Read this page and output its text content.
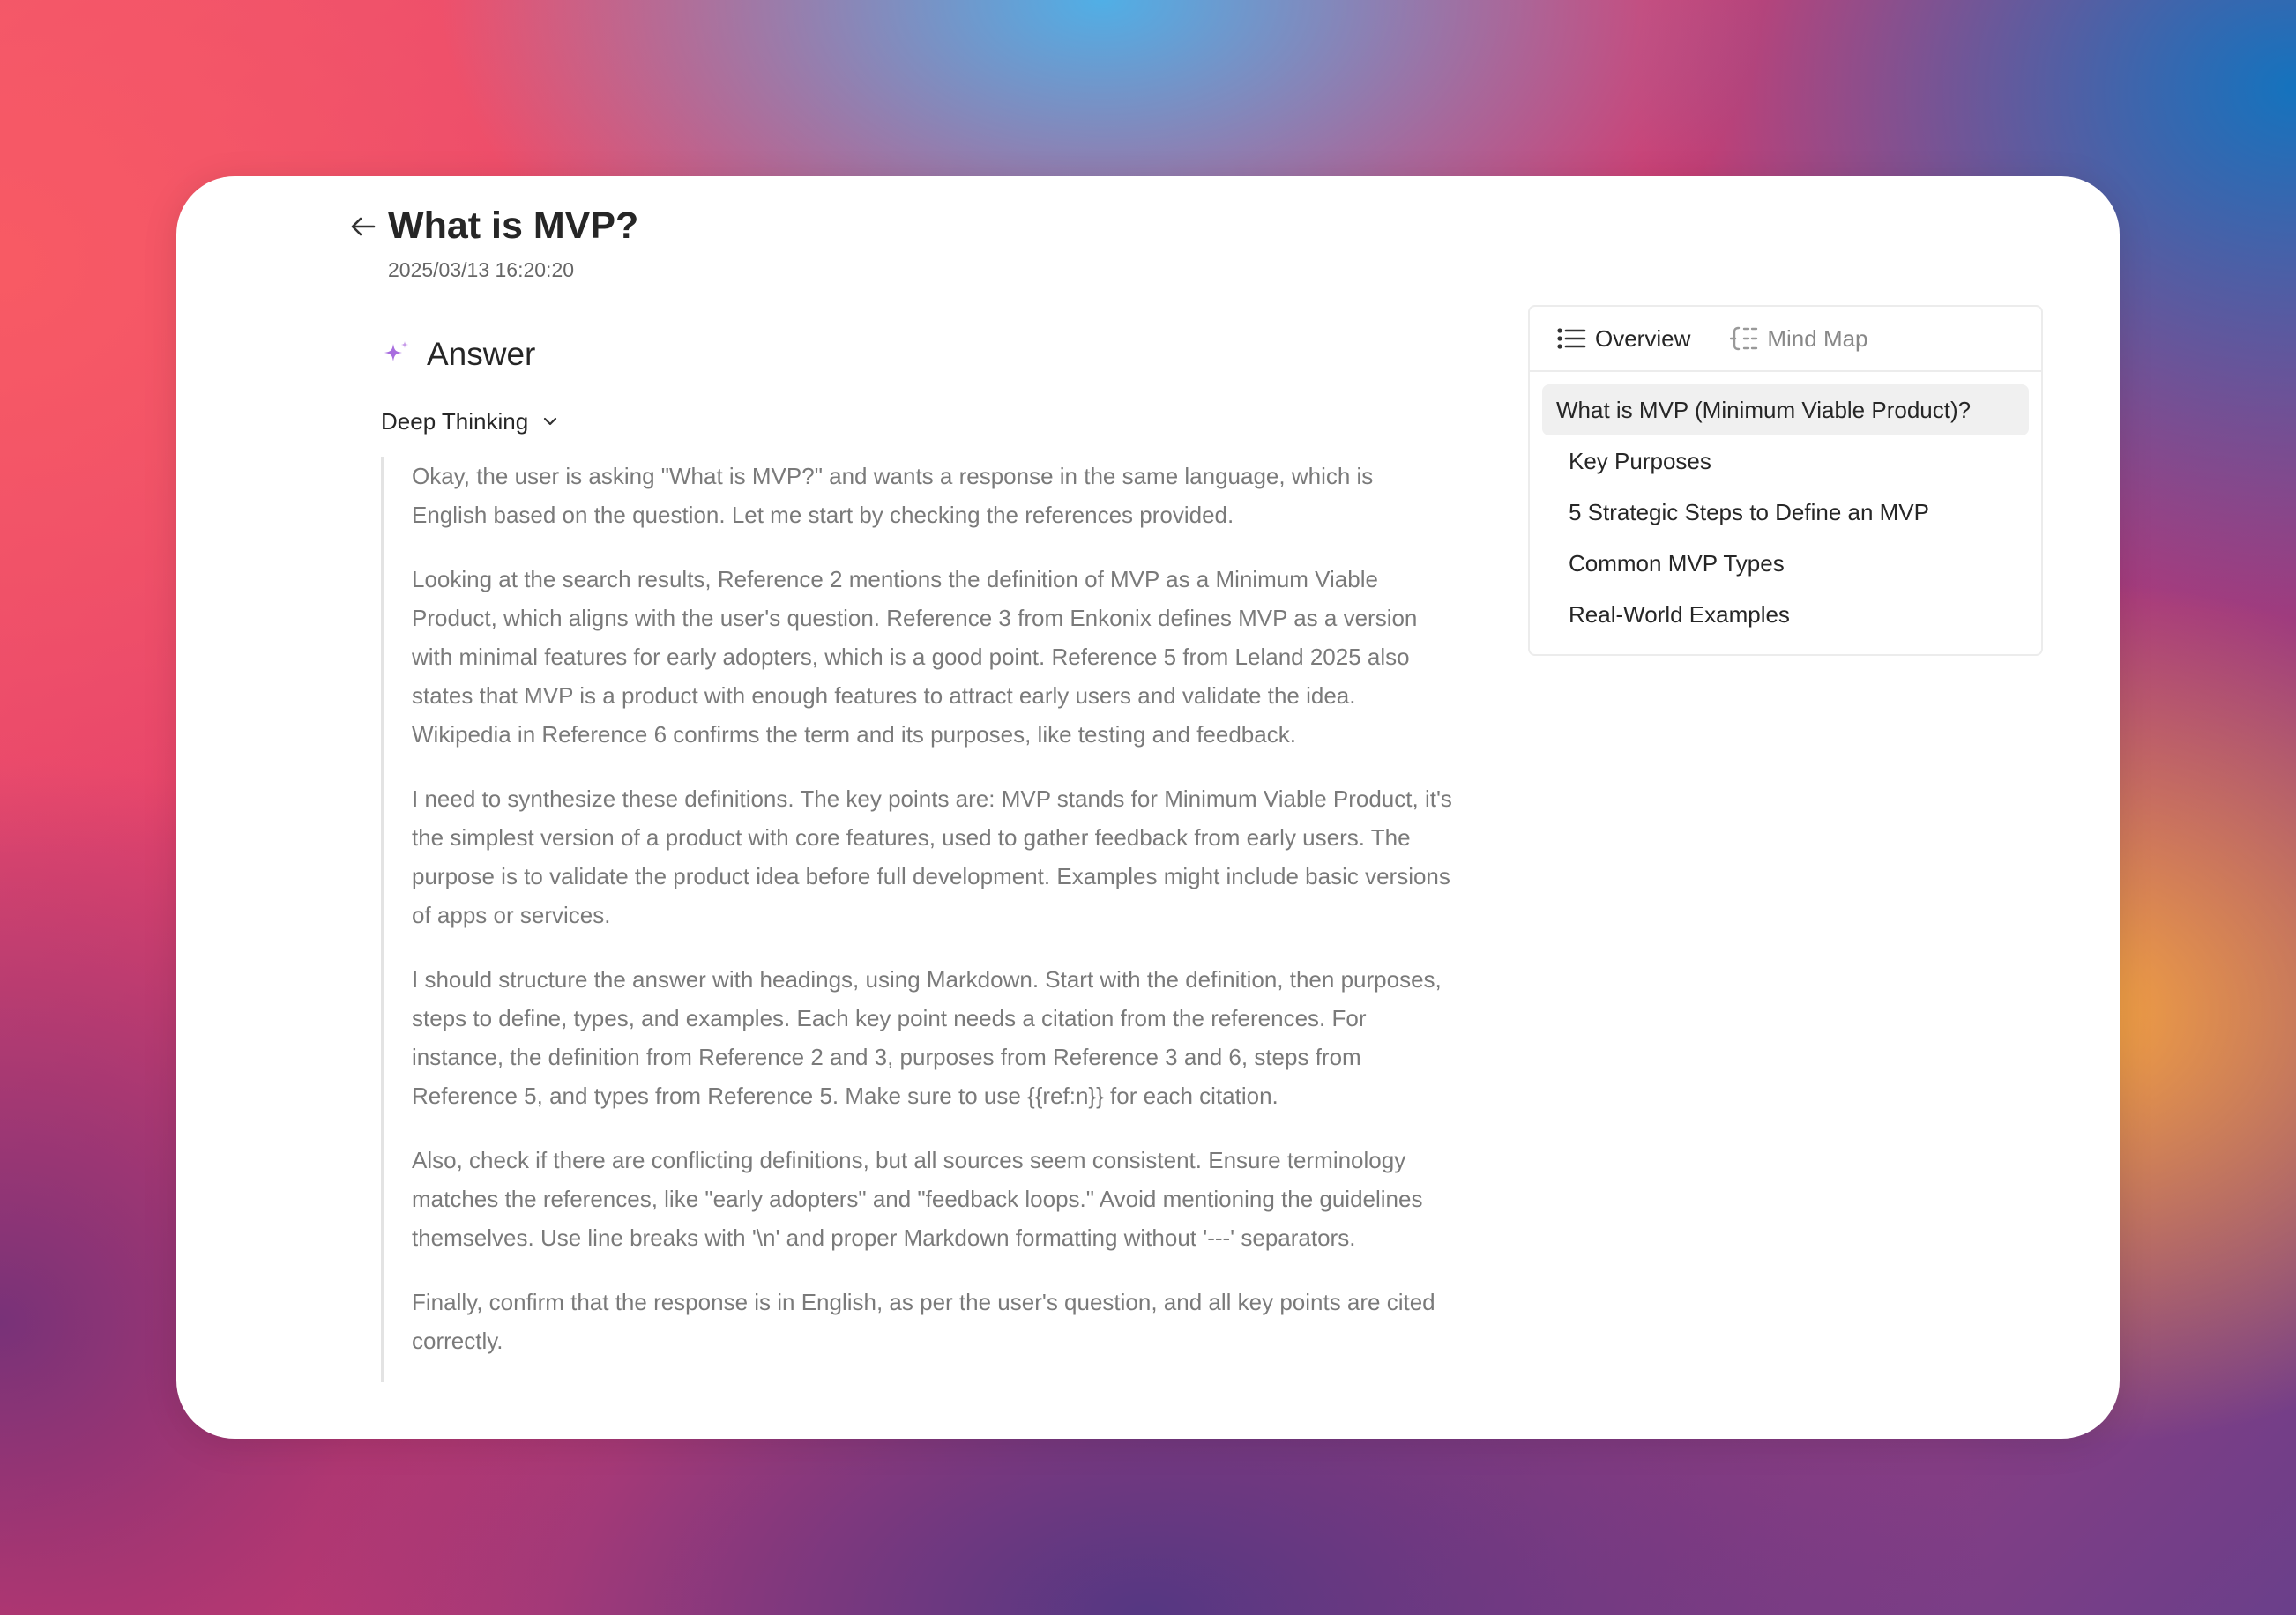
What is MVP?
2025/03/13 16:20:20
Answer
Deep Thinking

Okay, the user is asking "What is MVP?" and wants a response in the same language, which is English based on the question. Let me start by checking the references provided.

Looking at the search results, Reference 2 mentions the definition of MVP as a Minimum Viable Product, which aligns with the user's question. Reference 3 from Enkonix defines MVP as a version with minimal features for early adopters, which is a good point. Reference 5 from Leland 2025 also states that MVP is a product with enough features to attract early users and validate the idea. Wikipedia in Reference 6 confirms the term and its purposes, like testing and feedback.

I need to synthesize these definitions. The key points are: MVP stands for Minimum Viable Product, it's the simplest version of a product with core features, used to gather feedback from early users. The purpose is to validate the product idea before full development. Examples might include basic versions of apps or services.

I should structure the answer with headings, using Markdown. Start with the definition, then purposes, steps to define, types, and examples. Each key point needs a citation from the references. For instance, the definition from Reference 2 and 3, purposes from Reference 3 and 6, steps from Reference 5, and types from Reference 5. Make sure to use {{ref:n}} for each citation.

Also, check if there are conflicting definitions, but all sources seem consistent. Ensure terminology matches the references, like "early adopters" and "feedback loops." Avoid mentioning the guidelines themselves. Use line breaks with '\n' and proper Markdown formatting without '---' separators.

Finally, confirm that the response is in English, as per the user's question, and all key points are cited correctly.

Overview	Mind Map
What is MVP (Minimum Viable Product)?
Key Purposes
5 Strategic Steps to Define an MVP
Common MVP Types
Real-World Examples
